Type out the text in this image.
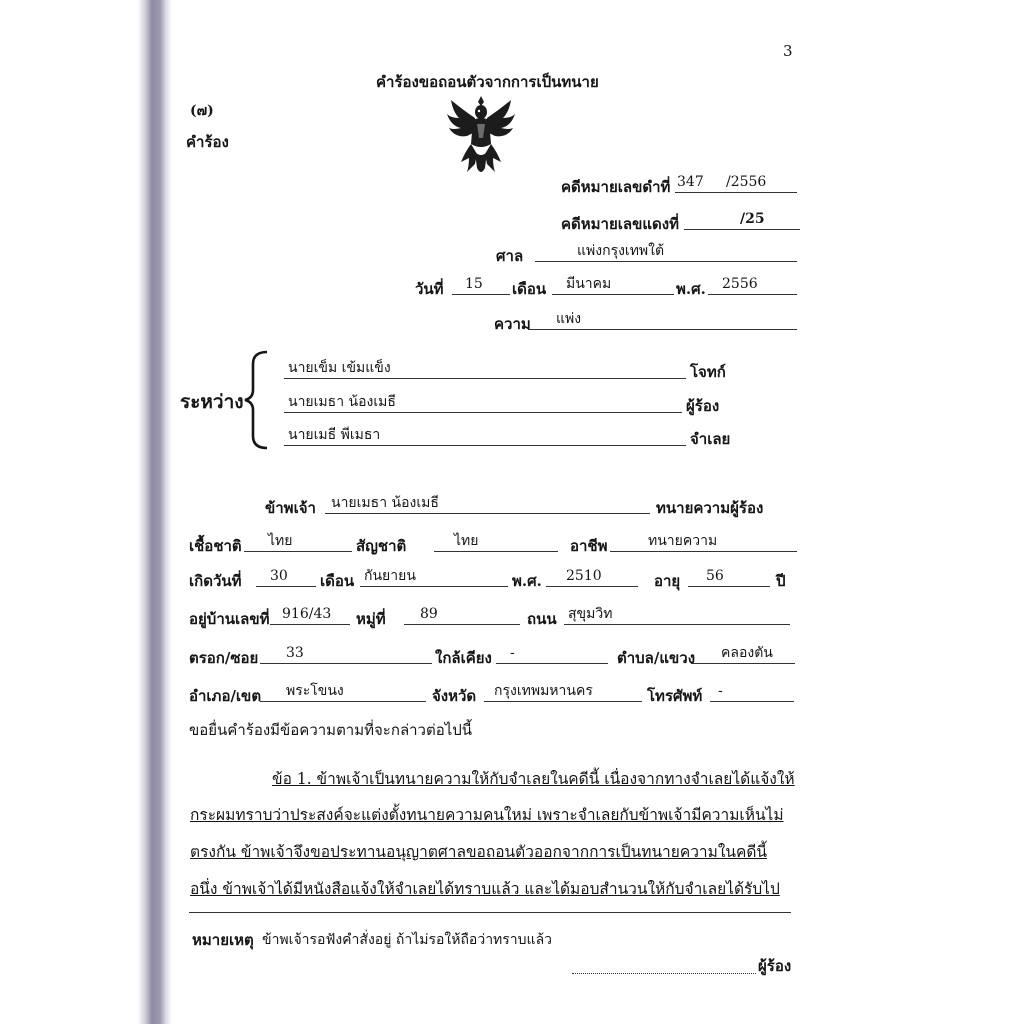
3
คำร้องขอถอนตัวจากการเป็นทนาย
(๗)
คำร้อง
คดีหมายเลขดำที่ 347     /2556
คดีหมายเลขแดงที่	/25
ศาล	แพ่งกรุงเทพใต้
วันที่	15	เดือน	มีนาคม	พ.ศ.	2556
ความ	แพ่ง
ระหว่าง
นายเข็ม เข้มแข็ง	โจทก์
นายเมธา น้องเมธี	ผู้ร้อง
นายเมธี พี่เมธา	จำเลย
ข้าพเจ้า	นายเมธา น้องเมธี	ทนายความผู้ร้อง
เชื้อชาติ	ไทย	สัญชาติ	ไทย	อาชีพ	ทนายความ
เกิดวันที่	30	เดือน กันยายน	พ.ศ.	2510	อายุ	56	ปี
อยู่บ้านเลขที่ 916/43	หมู่ที่	89	ถนน สุขุมวิท
ตรอก/ซอย	33	ใกล้เคียง	-	ตำบล/แขวง	คลองตัน
อำเภอ/เขต	พระโขนง	จังหวัด	กรุงเทพมหานคร	โทรศัพท์	-
ขอยื่นคำร้องมีข้อความตามที่จะกล่าวต่อไปนี้
ข้อ 1. ข้าพเจ้าเป็นทนายความให้กับจำเลยในคดีนี้ เนื่องจากทางจำเลยได้แจ้งให้
กระผมทราบว่าประสงค์จะแต่งตั้งทนายความคนใหม่ เพราะจำเลยกับข้าพเจ้ามีความเห็นไม่
ตรงกัน ข้าพเจ้าจึงขอประทานอนุญาตศาลขอถอนตัวออกจากการเป็นทนายความในคดีนี้
อนึ่ง ข้าพเจ้าได้มีหนังสือแจ้งให้จำเลยได้ทราบแล้ว และได้มอบสำนวนให้กับจำเลยได้รับไป
หมายเหตุ ข้าพเจ้ารอฟังคำสั่งอยู่ ถ้าไม่รอให้ถือว่าทราบแล้ว
ผู้ร้อง
